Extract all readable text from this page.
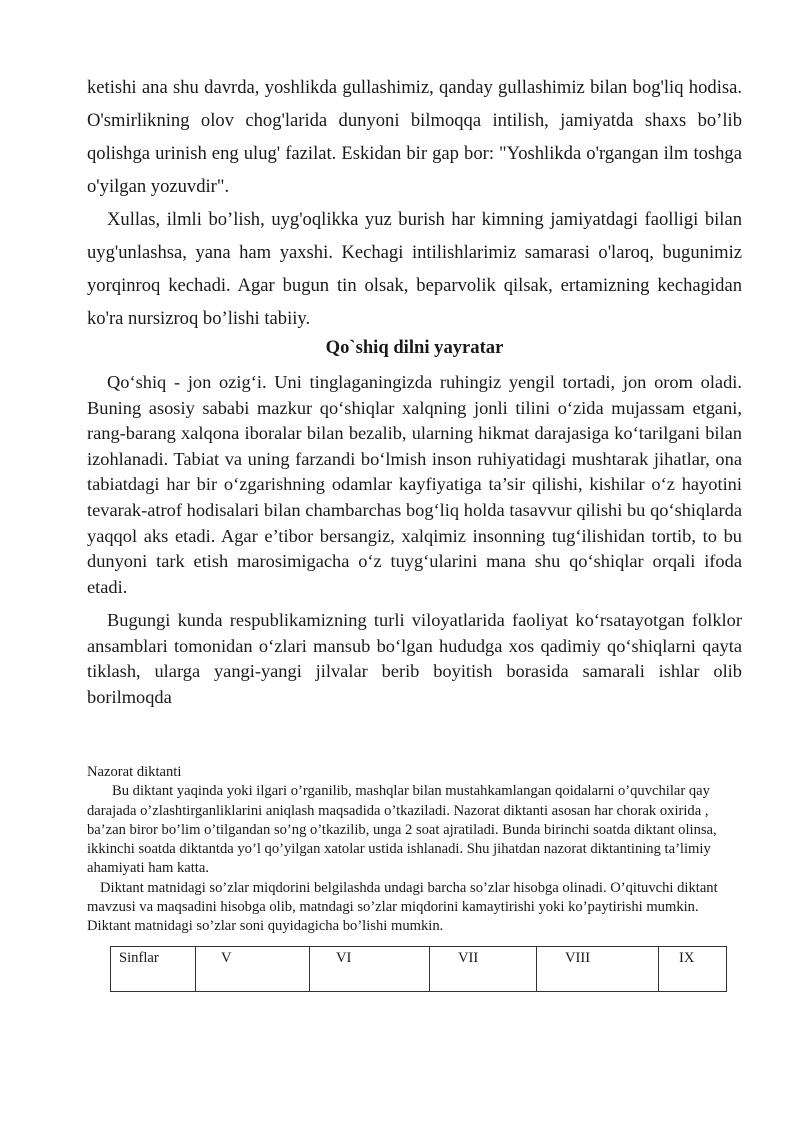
ketishi ana shu davrda, yoshlikda gullashimiz, qanday gullashimiz bilan bog'liq hodisa. O'smirlikning olov chog'larida dunyoni bilmoqqa intilish, jamiyatda shaxs bo’lib qolishga urinish eng ulug' fazilat. Eskidan bir gap bor: "Yoshlikda o'rgangan ilm toshga o'yilgan yozuvdir".

Xullas, ilmli bo’lish, uyg'oqlikka yuz burish har kimning jamiyatdagi faolligi bilan uyg'unlashsa, yana ham yaxshi. Kechagi intilishlarimiz samarasi o'laroq, bugunimiz yorqinroq kechadi. Agar bugun tin olsak, beparvolik qilsak, ertamizning kechagidan ko'ra nursizroq bo’lishi tabiiy.

Qo`shiq dilni yayratar

Qo‘shiq - jon ozig‘i. Uni tinglaganingizda ruhingiz yengil tortadi, jon orom oladi. Buning asosiy sababi mazkur qo‘shiqlar xalqning jonli tilini o‘zida mujassam etgani, rang-barang xalqona iboralar bilan bezalib, ularning hikmat darajasiga ko‘tarilgani bilan izohlanadi. Tabiat va uning farzandi bo‘lmish inson ruhiyatidagi mushtarak jihatlar, ona tabiatdagi har bir o‘zgarishning odamlar kayfiyatiga ta’sir qilishi, kishilar o‘z hayotini tevarak-atrof hodisalari bilan chambarchas bog‘liq holda tasavvur qilishi bu qo‘shiqlarda yaqqol aks etadi. Agar e’tibor bersangiz, xalqimiz insonning tug‘ilishidan tortib, to bu dunyoni tark etish marosimigacha o‘z tuyg‘ularini mana shu qo‘shiqlar orqali ifoda etadi.

Bugungi kunda respublikamizning turli viloyatlarida faoliyat ko‘rsatayotgan folklor ansamblari tomonidan o‘zlari mansub bo‘lgan hududga xos qadimiy qo‘shiqlarni qayta tiklash, ularga yangi-yangi jilvalar berib boyitish borasida samarali ishlar olib borilmoqda

Nazorat diktanti
Bu diktant yaqinda yoki ilgari o’rganilib, mashqlar bilan mustahkamlangan qoidalarni o’quvchilar qay darajada o’zlashtirganliklarini aniqlash maqsadida o’tkaziladi. Nazorat diktanti asosan har chorak oxirida , ba’zan biror bo’lim o’tilgandan so’ng o’tkazilib, unga 2 soat ajratiladi. Bunda birinchi soatda diktant olinsa, ikkinchi soatda diktantda yo’l qo’yilgan xatolar ustida ishlanadi. Shu jihatdan nazorat diktantining ta’limiy ahamiyati ham katta.
Diktant matnidagi so’zlar miqdorini belgilashda undagi barcha so’zlar hisobga olinadi. O’qituvchi diktant mavzusi va maqsadini hisobga olib, matndagi so’zlar miqdorini kamaytirishi yoki ko’paytirishi mumkin. Diktant matnidagi so’zlar soni quyidagicha bo’lishi mumkin.
Sinflar	V	VI	VII	VIII	IX
